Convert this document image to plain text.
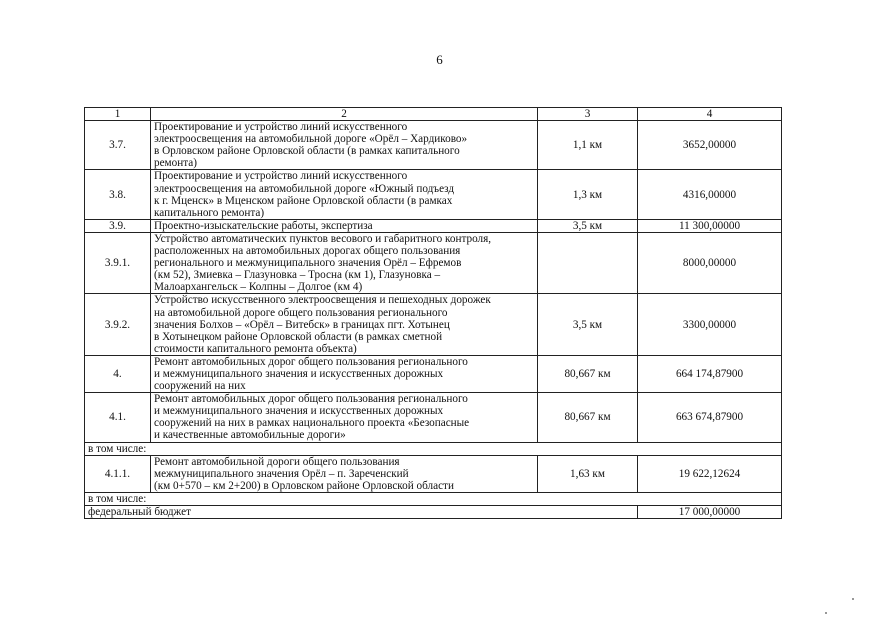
6
1	2	3	4
3.7.	Проектирование и устройство линий искусственного
электроосвещения на автомобильной дороге «Орёл – Хардиково»
в Орловском районе Орловской области (в рамках капитального
ремонта)	1,1 км	3652,00000
3.8.	Проектирование и устройство линий искусственного
электроосвещения на автомобильной дороге «Южный подъезд
к г. Мценск» в Мценском районе Орловской области (в рамках
капитального ремонта)	1,3 км	4316,00000
3.9.	Проектно-изыскательские работы, экспертиза	3,5 км	11 300,00000
3.9.1.	Устройство автоматических пунктов весового и габаритного контроля,
расположенных на автомобильных дорогах общего пользования
регионального и межмуниципального значения Орёл – Ефремов
(км 52), Змиевка – Глазуновка – Тросна (км 1), Глазуновка –
Малоархангельск – Колпны – Долгое (км 4)		8000,00000
3.9.2.	Устройство искусственного электроосвещения и пешеходных дорожек
на автомобильной дороге общего пользования регионального
значения Болхов – «Орёл – Витебск» в границах пгт. Хотынец
в Хотынецком районе Орловской области (в рамках сметной
стоимости капитального ремонта объекта)	3,5 км	3300,00000
4.	Ремонт автомобильных дорог общего пользования регионального
и межмуниципального значения и искусственных дорожных
сооружений на них	80,667 км	664 174,87900
4.1.	Ремонт автомобильных дорог общего пользования регионального
и межмуниципального значения и искусственных дорожных
сооружений на них в рамках национального проекта «Безопасные
и качественные автомобильные дороги»	80,667 км	663 674,87900
в том числе:			
4.1.1.	Ремонт автомобильной дороги общего пользования
межмуниципального значения Орёл – п. Зареченский
(км 0+570 – км 2+200) в Орловском районе Орловской области	1,63 км	19 622,12624
в том числе:			
федеральный бюджет			17 000,00000
